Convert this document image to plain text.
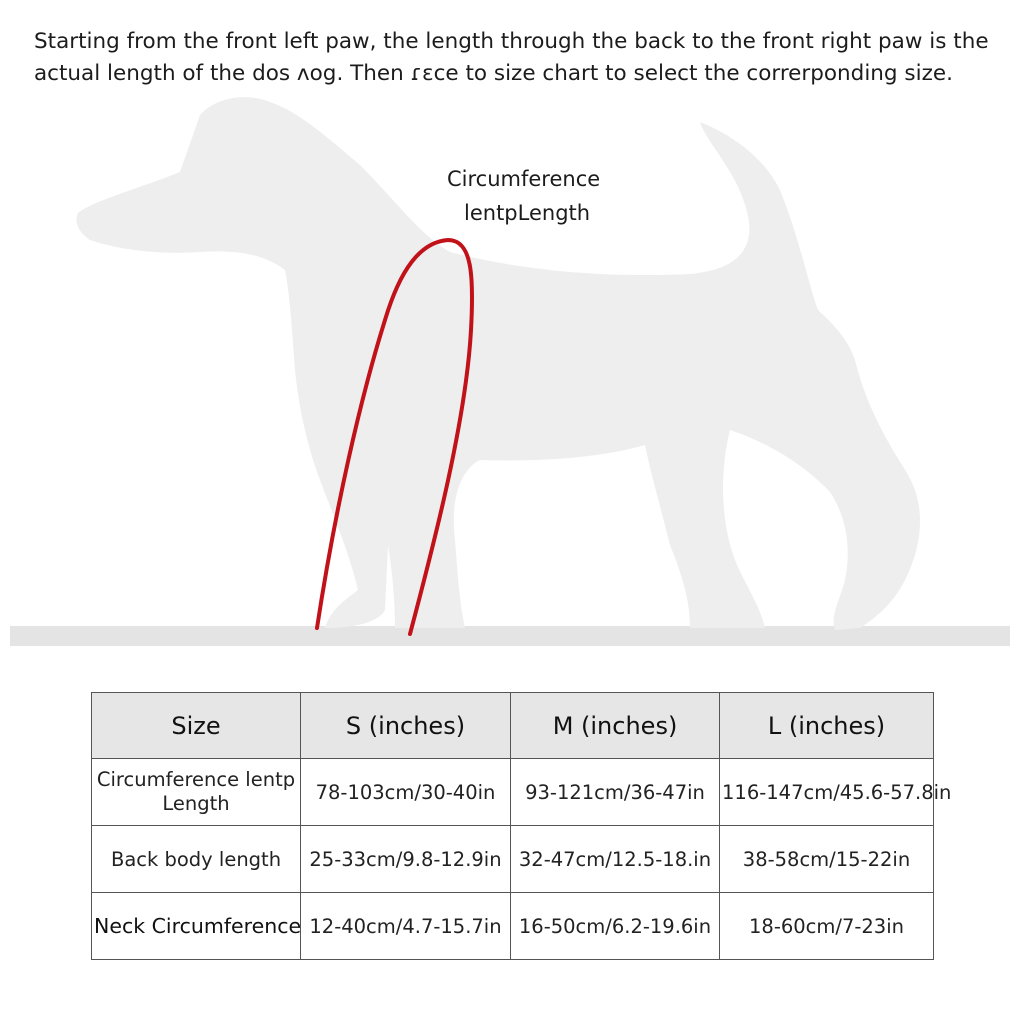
Starting from the front left paw, the length through the back to the front right paw is the actual length of the dos ᴧog. Then ɾɛce to size chart to select the correrponding size.

Circumference
lentpLength
Size	S (inches)	M (inches)	L (inches)
Circumference lentp Length	78-103cm/30-40in	93-121cm/36-47in	116-147cm/45.6-57.8in
Back body length	25-33cm/9.8-12.9in	32-47cm/12.5-18.in	38-58cm/15-22in
Neck Circumference	12-40cm/4.7-15.7in	16-50cm/6.2-19.6in	18-60cm/7-23in
